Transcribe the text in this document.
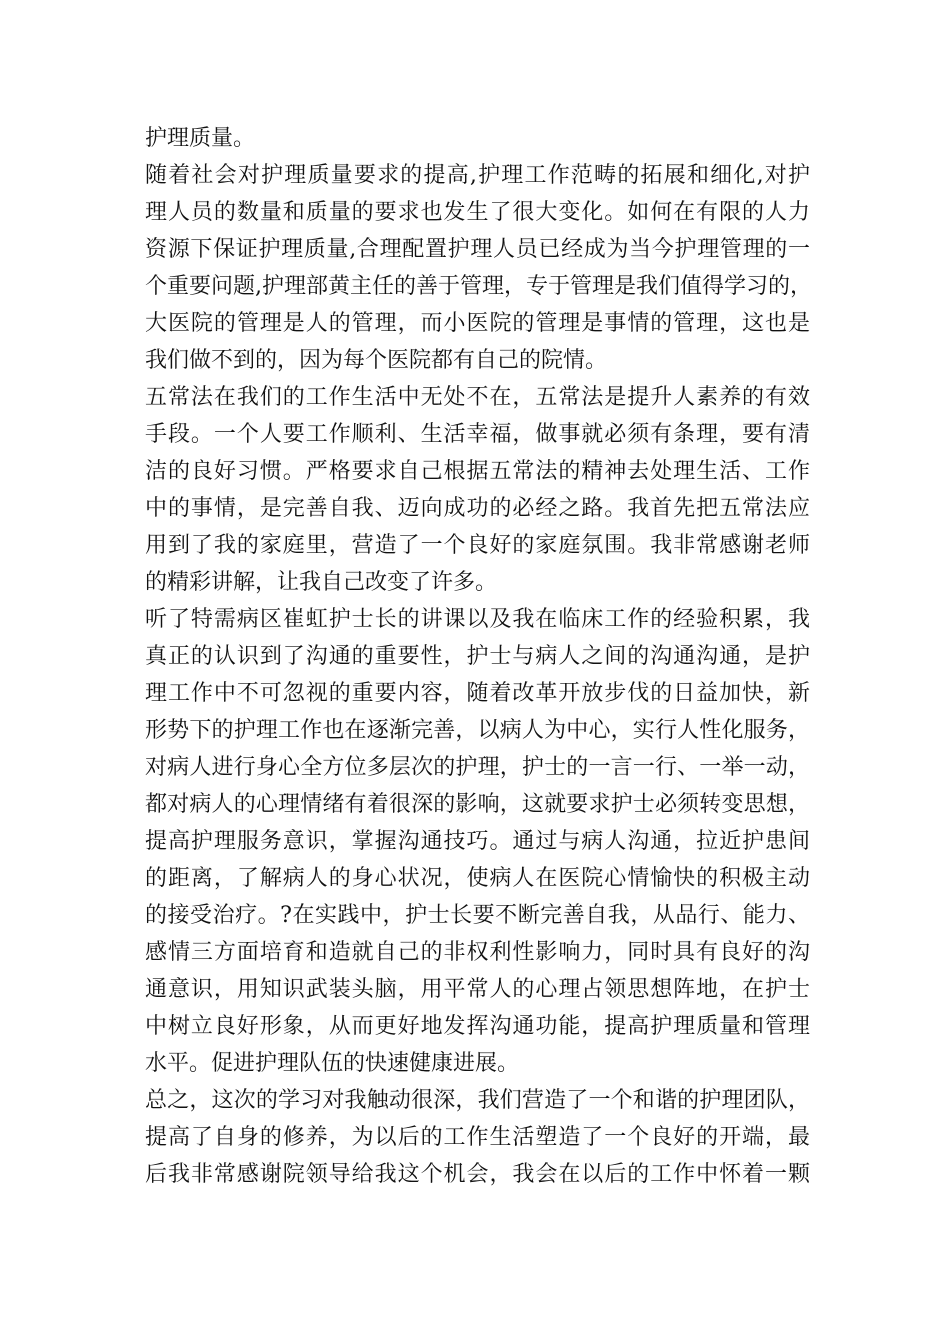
护理质量。
随着社会对护理质量要求的提高,护理工作范畴的拓展和细化,对护
理人员的数量和质量的要求也发生了很大变化。如何在有限的人力
资源下保证护理质量,合理配置护理人员已经成为当今护理管理的一
个重要问题,护理部黄主任的善于管理，专于管理是我们值得学习的，
大医院的管理是人的管理，而小医院的管理是事情的管理，这也是
我们做不到的，因为每个医院都有自己的院情。
五常法在我们的工作生活中无处不在，五常法是提升人素养的有效
手段。一个人要工作顺利、生活幸福，做事就必须有条理，要有清
洁的良好习惯。严格要求自己根据五常法的精神去处理生活、工作
中的事情，是完善自我、迈向成功的必经之路。我首先把五常法应
用到了我的家庭里，营造了一个良好的家庭氛围。我非常感谢老师
的精彩讲解，让我自己改变了许多。
听了特需病区崔虹护士长的讲课以及我在临床工作的经验积累，我
真正的认识到了沟通的重要性，护士与病人之间的沟通沟通，是护
理工作中不可忽视的重要内容，随着改革开放步伐的日益加快，新
形势下的护理工作也在逐渐完善，以病人为中心，实行人性化服务，
对病人进行身心全方位多层次的护理，护士的一言一行、一举一动，
都对病人的心理情绪有着很深的影响，这就要求护士必须转变思想，
提高护理服务意识，掌握沟通技巧。通过与病人沟通，拉近护患间
的距离，了解病人的身心状况，使病人在医院心情愉快的积极主动
的接受治疗。?在实践中，护士长要不断完善自我，从品行、能力、
感情三方面培育和造就自己的非权利性影响力，同时具有良好的沟
通意识，用知识武装头脑，用平常人的心理占领思想阵地，在护士
中树立良好形象，从而更好地发挥沟通功能，提高护理质量和管理
水平。促进护理队伍的快速健康进展。
总之，这次的学习对我触动很深，我们营造了一个和谐的护理团队，
提高了自身的修养，为以后的工作生活塑造了一个良好的开端，最
后我非常感谢院领导给我这个机会，我会在以后的工作中怀着一颗
